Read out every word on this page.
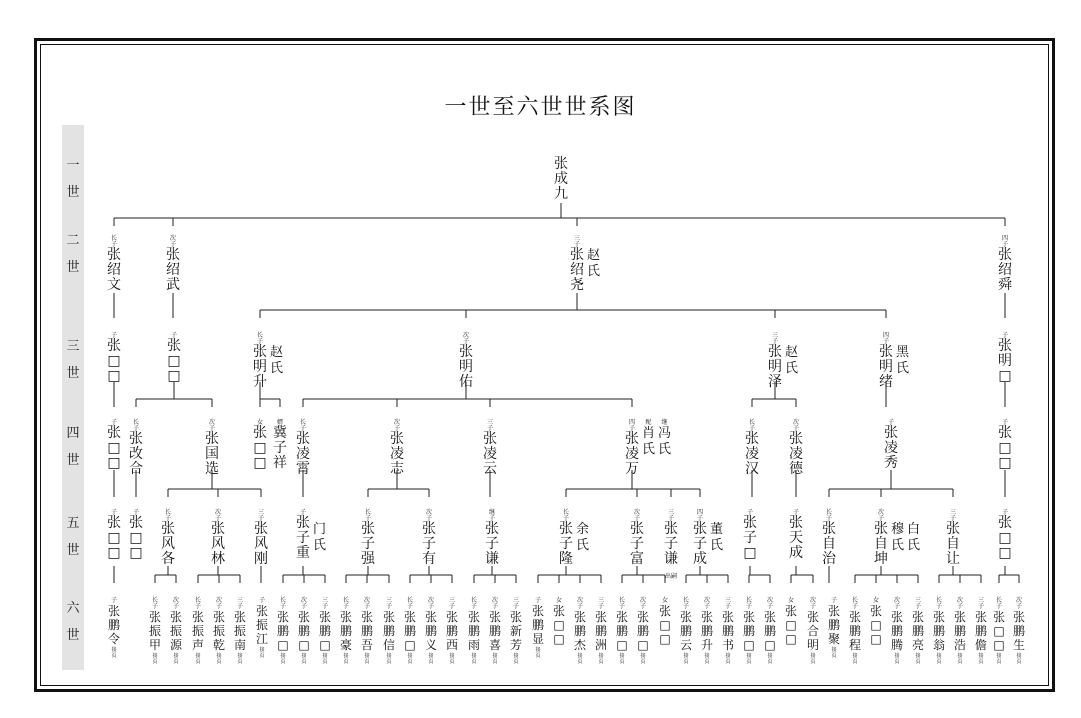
一世至六世世系图
一
世
二
世
三
世
四
世
五
世
六
世
张成九
长子
张绍文
次子
张绍武
三子
张绍尧
赵氏
四子
张绍舜
子
张□□
子
张□□
长子
张明升
赵氏
次子
张明佑
三子
张明泽
赵氏
四子
张明绪
黑氏
子
张明□
子
张□□
长子
张改合
次子
张国选
女
张□□
婿
冀子祥
长子
张凌霄
次子
张凌志
三子
张凌云
四子
张凌万
配
肖氏
继
冯氏
长子
张凌汉
次子
张凌德
子
张凌秀
子
张□□
子
张□□
子
张□□
长子
张风各
次子
张风林
三子
张风刚
子
张子重
门氏
长子
张子强
次子
张子有
继子
张子谦
长子
张子隆
余氏
次子
张子富
三子
张子谦
出嗣
四子
张子成
董氏
子
张子□
子
张天成
长子
张自治
次子
张自坤
穆氏
白氏
三子
张自让
子
张□□
子
张鹏令
接页
长子
张振甲
接页
次子
张振源
接页
长子
张振声
接页
次子
张振乾
接页
三子
张振南
接页
子
张振江
接页
长子
张鹏□
接页
次子
张鹏□
接页
三子
张鹏□
接页
长子
张鹏豪
接页
次子
张鹏吾
接页
三子
张鹏信
接页
长子
张鹏□
接页
次子
张鹏义
接页
三子
张鹏西
接页
长子
张鹏雨
接页
次子
张鹏喜
接页
三子
张新芳
接页
子
张鹏显
接页
女
张□□
次子
张鹏杰
接页
三子
张鹏洲
接页
长子
张鹏□
接页
次子
张鹏□
接页
女
张□□
长子
张鹏云
接页
次子
张鹏升
接页
三子
张鹏书
接页
长子
张鹏□
接页
次子
张鹏□
接页
女
张□□
次子
张合明
接页
子
张鹏聚
接页
长子
张鹏程
接页
女
张□□
次子
张鹏腾
接页
三子
张鹏亮
接页
长子
张鹏翁
接页
次子
张鹏浩
接页
三子
张鹏儋
接页
长子
张□□
接页
次子
张鹏生
接页
